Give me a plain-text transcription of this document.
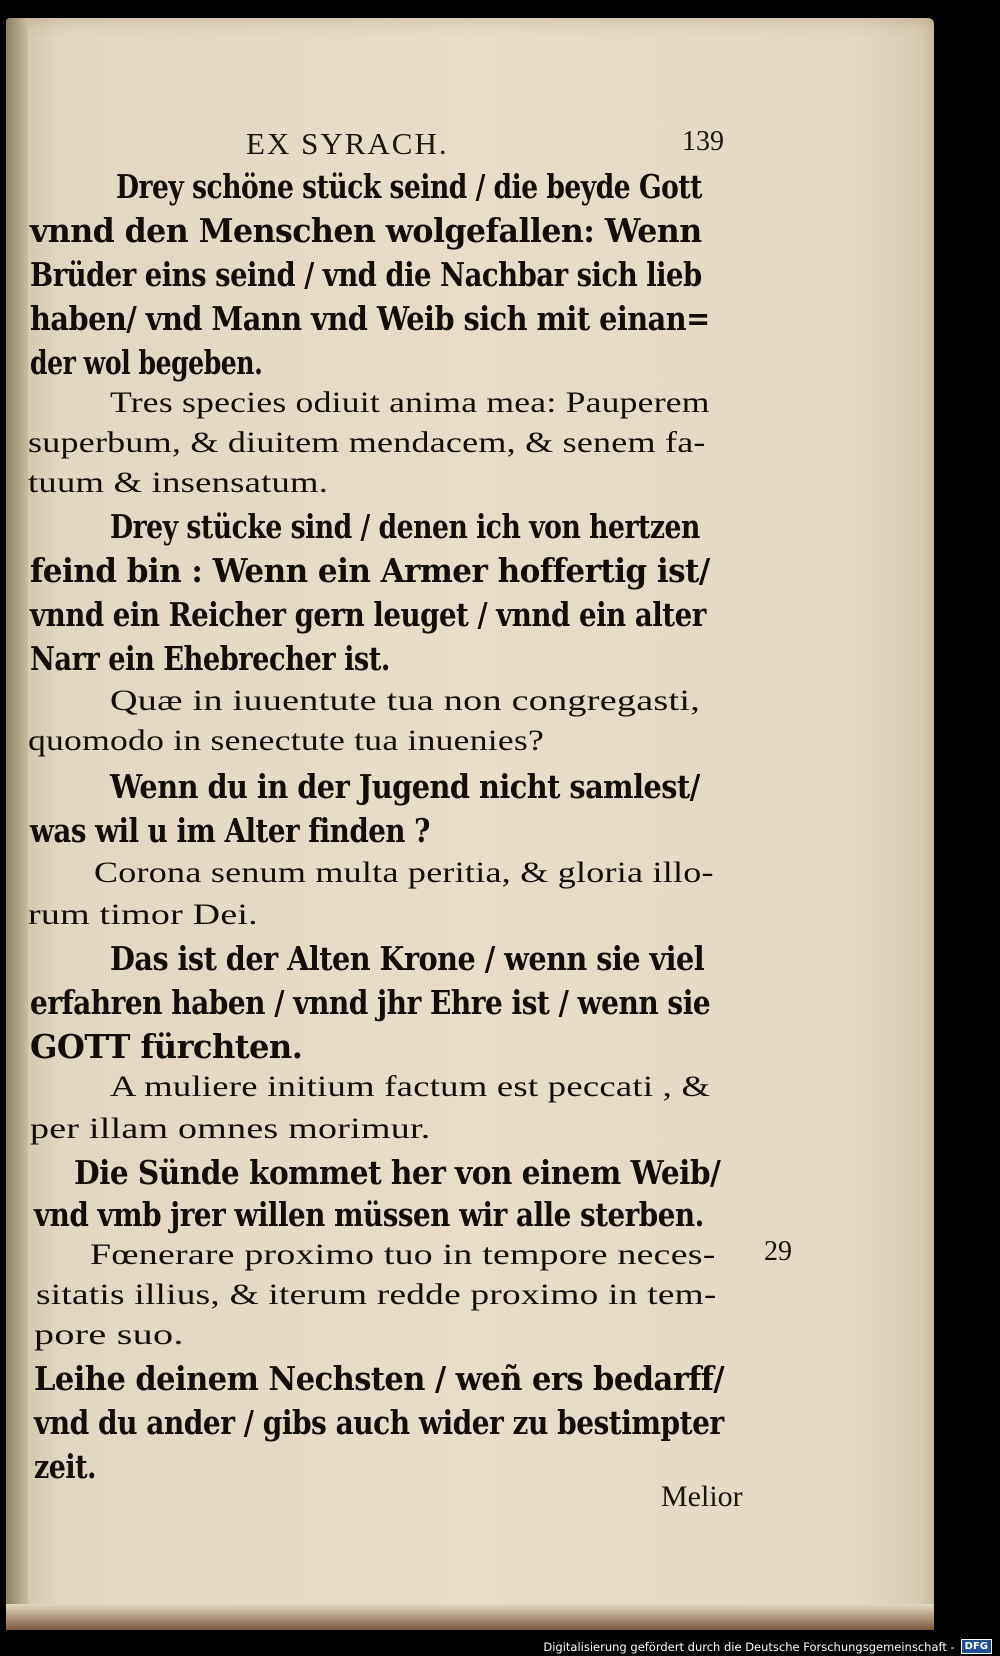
EX SYRACH.	139
Drey schöne stück seind / die beyde Gott
vnnd den Menschen wolgefallen: Wenn
Brüder eins seind / vnd die Nachbar sich lieb
haben/ vnd Mann vnd Weib sich mit einan=
der wol begeben.
Tres species odiuit anima mea: Pauperem
superbum, & diuitem mendacem, & senem fa-
tuum & insensatum.
Drey stücke sind / denen ich von hertzen
feind bin : Wenn ein Armer hoffertig ist/
vnnd ein Reicher gern leuget / vnnd ein alter
Narr ein Ehebrecher ist.
Quæ in iuuentute tua non congregasti,
quomodo in senectute tua inuenies?
Wenn du in der Jugend nicht samlest/
was wil u im Alter finden ?
Corona senum multa peritia, & gloria illo-
rum timor Dei.
Das ist der Alten Krone / wenn sie viel
erfahren haben / vnnd jhr Ehre ist / wenn sie
GOTT fürchten.
A muliere initium factum est peccati , &
per illam omnes morimur.
Die Sünde kommet her von einem Weib/
vnd vmb jrer willen müssen wir alle sterben.
Fœnerare proximo tuo in tempore neces-
sitatis illius, & iterum redde proximo in tem-
pore suo.
Leihe deinem Nechsten / weñ ers bedarff/
vnd du ander / gibs auch wider zu bestimpter
zeit.
29
Melior
Digitalisierung gefördert durch die Deutsche Forschungsgemeinschaft -	DFG
